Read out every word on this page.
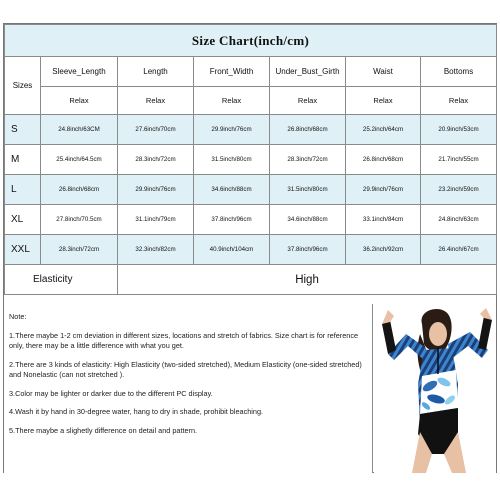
Size Chart(inch/cm)						
Sizes	Sleeve_Length	Length	Front_Width	Under_Bust_Girth	Waist	Bottoms
	Relax	Relax	Relax	Relax	Relax	Relax
S	24.8inch/63CM	27.6inch/70cm	29.9inch/76cm	26.8inch/68cm	25.2inch/64cm	20.9inch/53cm
M	25.4inch/64.5cm	28.3inch/72cm	31.5inch/80cm	28.3inch/72cm	26.8inch/68cm	21.7inch/55cm
L	26.8inch/68cm	29.9inch/76cm	34.6inch/88cm	31.5inch/80cm	29.9inch/76cm	23.2inch/59cm
XL	27.8inch/70.5cm	31.1inch/79cm	37.8inch/96cm	34.6inch/88cm	33.1inch/84cm	24.8inch/63cm
XXL	28.3inch/72cm	32.3inch/82cm	40.9inch/104cm	37.8inch/96cm	36.2inch/92cm	26.4inch/67cm
Elasticity		High				

Note:

1.There maybe 1-2 cm deviation in different sizes, locations and stretch of fabrics. Size chart is for reference only, there may be a little difference with what you get.

2.There are 3 kinds of elasticity: High Elasticity (two-sided stretched), Medium Elasticity (one-sided stretched) and Nonelastic (can not stretched ).

3.Color may be lighter or darker due to the different PC display.

4.Wash it by hand in 30-degree water, hang to dry in shade, prohibit bleaching.

5.There maybe a slighetly difference on detail and pattern.
